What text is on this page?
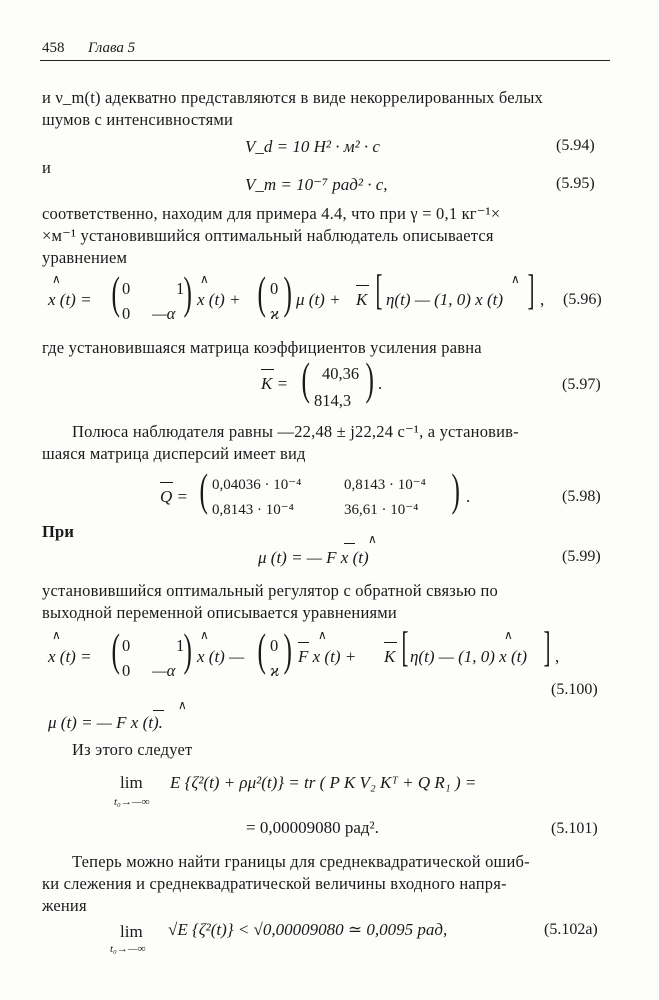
458 Глава 5
и ν_m(t) адекватно представляются в виде некоррелированных белых
шумов с интенсивностями
V_d = 10 Н² · м² · с	(5.94)
и
V_m = 10⁻⁷ рад² · с,	(5.95)
соответственно, находим для примера 4.4, что при γ = 0,1 кг⁻¹×
×м⁻¹ установившийся оптимальный наблюдатель описывается
уравнением
∧
x (t) = ( 0	1
0 —α ) ∧
x (t) + ( 0
ϰ ) μ (t) + K [	∧
η(t) — (1, 0) x (t) ] , (5.96)
где установившаяся матрица коэффициентов усиления равна
K = ( 40,36
814,3 ) .	(5.97)
Полюса наблюдателя равны —22,48 ± j22,24 с⁻¹, а установив-
шаяся матрица дисперсий имеет вид
Q = ( 0,04036 · 10⁻⁴	0,8143 · 10⁻⁴
0,8143 · 10⁻⁴	36,61 · 10⁻⁴ ) .	(5.98)
При	∧
μ (t) = — F x (t)	(5.99)
установившийся оптимальный регулятор с обратной связью по
выходной переменной описывается уравнениями
∧
x (t) = ( 0	1
0 —α ) ∧
x (t) — ( 0
ϰ ) ∧
F x (t) + K [	∧
η(t) — (1, 0) x (t) ] ,
(5.100)
∧
μ (t) = — F x (t).
Из этого следует
lim
t₀→—∞
E {ζ²(t) + ρμ²(t)} = tr ( P K V₂ Kᵀ + Q R₁ ) =
= 0,00009080 рад².	(5.101)
Теперь можно найти границы для среднеквадратической ошиб-
ки слежения и среднеквадратической величины входного напря-
жения
lim
t₀→—∞
√E {ζ²(t)} < √0,00009080 ≃ 0,0095 рад,	(5.102a)
